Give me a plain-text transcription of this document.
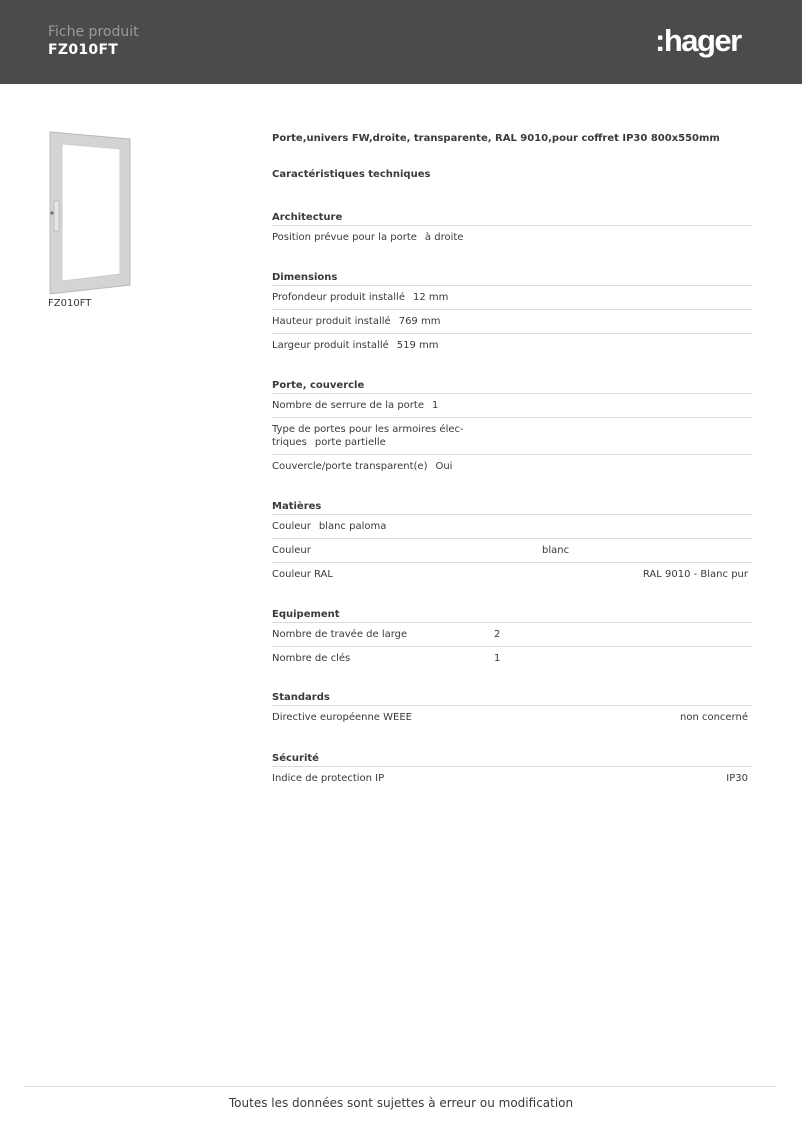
Fiche produit
FZ010FT	:hager
FZ010FT
Porte,univers FW,droite, transparente, RAL 9010,pour coffret IP30 800x550mm
Caractéristiques techniques
Architecture
Position prévue pour la porte à droite
Dimensions
Profondeur produit installé 12 mm
Hauteur produit installé 769 mm
Largeur produit installé 519 mm
Porte, couvercle
Nombre de serrure de la porte 1
Type de portes pour les armoires élec-
triques porte partielle
Couvercle/porte transparent(e) Oui
Matières
Couleur blanc paloma
Couleur	blanc
Couleur RAL	RAL 9010 - Blanc pur
Equipement
Nombre de travée de large	2
Nombre de clés	1
Standards
Directive européenne WEEE	non concerné
Sécurité
Indice de protection IP	IP30
Toutes les données sont sujettes à erreur ou modification
